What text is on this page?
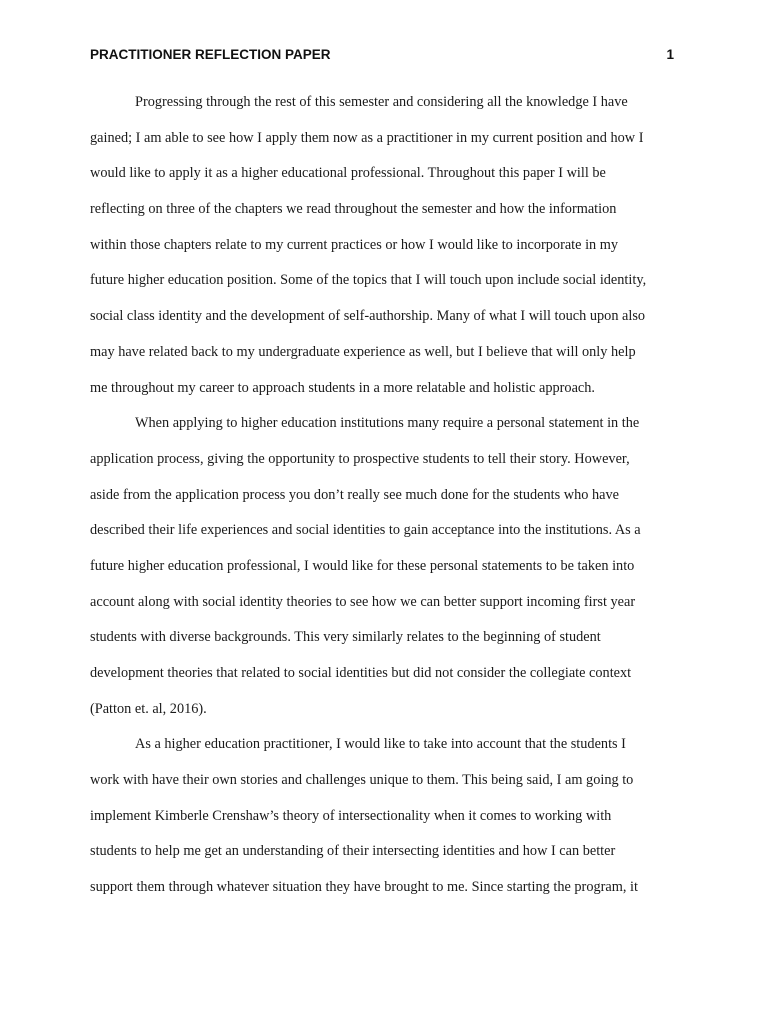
PRACTITIONER REFLECTION PAPER	1
Progressing through the rest of this semester and considering all the knowledge I have
gained; I am able to see how I apply them now as a practitioner in my current position and how I
would like to apply it as a higher educational professional. Throughout this paper I will be
reflecting on three of the chapters we read throughout the semester and how the information
within those chapters relate to my current practices or how I would like to incorporate in my
future higher education position. Some of the topics that I will touch upon include social identity,
social class identity and the development of self-authorship. Many of what I will touch upon also
may have related back to my undergraduate experience as well, but I believe that will only help
me throughout my career to approach students in a more relatable and holistic approach.
When applying to higher education institutions many require a personal statement in the
application process, giving the opportunity to prospective students to tell their story. However,
aside from the application process you don’t really see much done for the students who have
described their life experiences and social identities to gain acceptance into the institutions. As a
future higher education professional, I would like for these personal statements to be taken into
account along with social identity theories to see how we can better support incoming first year
students with diverse backgrounds. This very similarly relates to the beginning of student
development theories that related to social identities but did not consider the collegiate context
(Patton et. al, 2016).
As a higher education practitioner, I would like to take into account that the students I
work with have their own stories and challenges unique to them. This being said, I am going to
implement Kimberle Crenshaw’s theory of intersectionality when it comes to working with
students to help me get an understanding of their intersecting identities and how I can better
support them through whatever situation they have brought to me. Since starting the program, it
